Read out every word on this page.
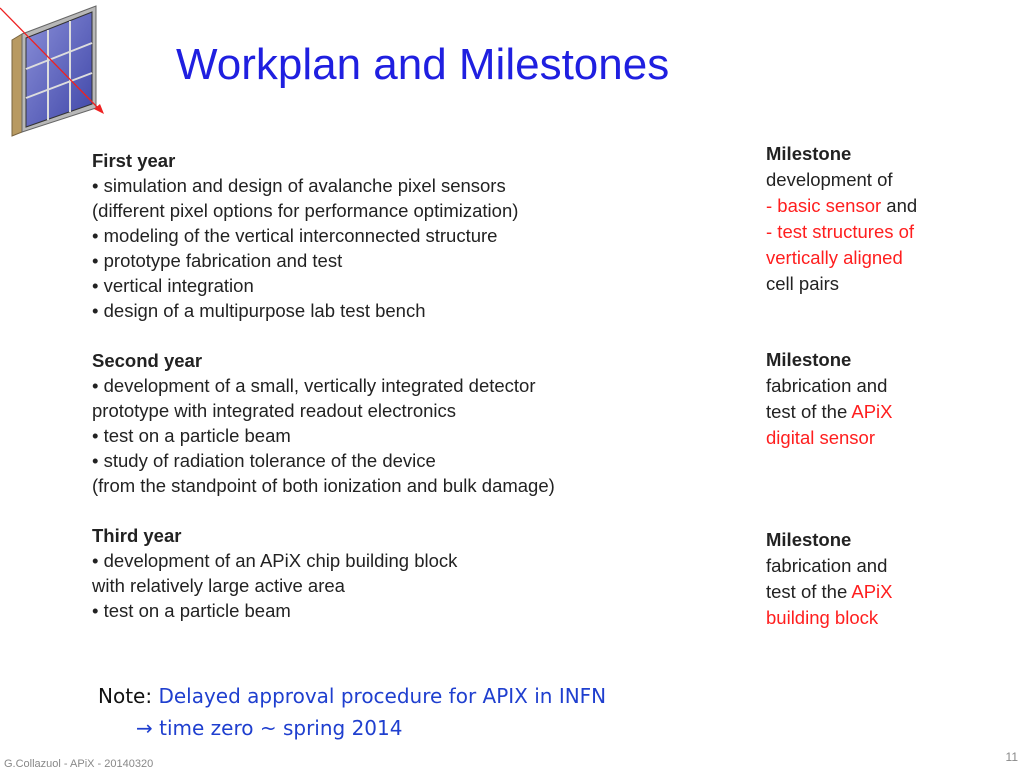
Workplan and Milestones
First year
• simulation and design of avalanche pixel sensors
(different pixel options for performance optimization)
• modeling of the vertical interconnected structure
• prototype fabrication and test
• vertical integration
• design of a multipurpose lab test bench
Second year
• development of a small, vertically integrated detector
prototype with integrated readout electronics
• test on a particle beam
• study of radiation tolerance of the device
(from the standpoint of both ionization and bulk damage)
Third year
• development of an APiX chip building block
with relatively large active area
• test on a particle beam
Milestone
development of
- basic sensor and
- test structures of
vertically aligned
cell pairs
Milestone
fabrication and
test of the APiX
digital sensor
Milestone
fabrication and
test of the APiX
building block
Note: Delayed approval procedure for APIX in INFN
→ time zero ~ spring 2014
G.Collazuol - APiX - 20140320	11
